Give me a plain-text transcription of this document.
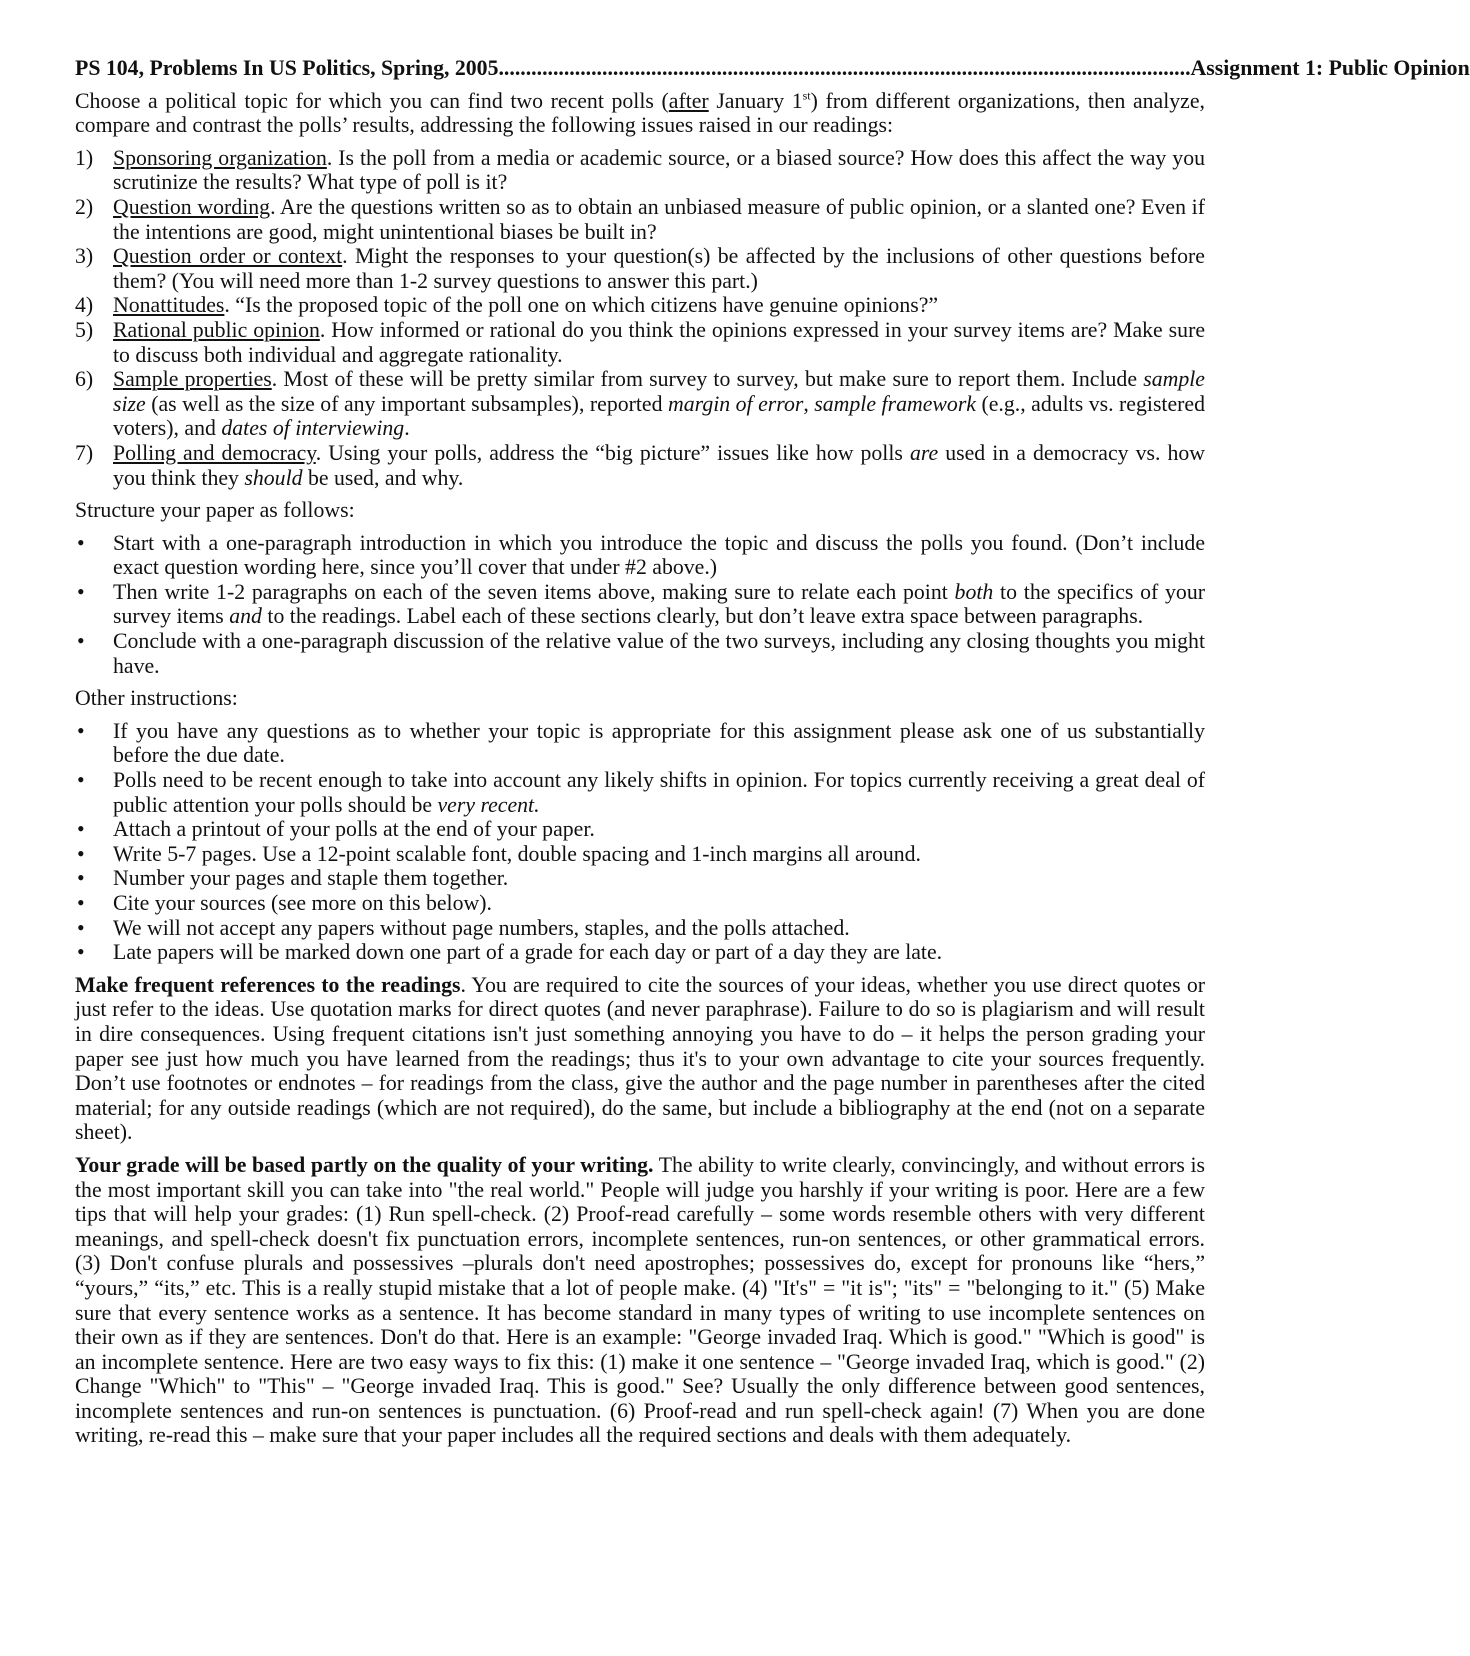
PS 104, Problems In US Politics, Spring, 2005 ............................................................................................................................... Assignment 1: Public Opinion

Choose a political topic for which you can find two recent polls (after January 1st) from different organizations, then analyze, compare and contrast the polls’ results, addressing the following issues raised in our readings:

1) Sponsoring organization. Is the poll from a media or academic source, or a biased source? How does this affect the way you scrutinize the results? What type of poll is it?
2) Question wording. Are the questions written so as to obtain an unbiased measure of public opinion, or a slanted one? Even if the intentions are good, might unintentional biases be built in?
3) Question order or context. Might the responses to your question(s) be affected by the inclusions of other questions before them? (You will need more than 1-2 survey questions to answer this part.)
4) Nonattitudes. “Is the proposed topic of the poll one on which citizens have genuine opinions?”
5) Rational public opinion. How informed or rational do you think the opinions expressed in your survey items are? Make sure to discuss both individual and aggregate rationality.
6) Sample properties. Most of these will be pretty similar from survey to survey, but make sure to report them. Include sample size (as well as the size of any important subsamples), reported margin of error, sample framework (e.g., adults vs. registered voters), and dates of interviewing.
7) Polling and democracy. Using your polls, address the “big picture” issues like how polls are used in a democracy vs. how you think they should be used, and why.

Structure your paper as follows:

• Start with a one-paragraph introduction in which you introduce the topic and discuss the polls you found. (Don’t include exact question wording here, since you’ll cover that under #2 above.)
• Then write 1-2 paragraphs on each of the seven items above, making sure to relate each point both to the specifics of your survey items and to the readings. Label each of these sections clearly, but don’t leave extra space between paragraphs.
• Conclude with a one-paragraph discussion of the relative value of the two surveys, including any closing thoughts you might have.

Other instructions:

• If you have any questions as to whether your topic is appropriate for this assignment please ask one of us substantially before the due date.
• Polls need to be recent enough to take into account any likely shifts in opinion. For topics currently receiving a great deal of public attention your polls should be very recent.
• Attach a printout of your polls at the end of your paper.
• Write 5-7 pages. Use a 12-point scalable font, double spacing and 1-inch margins all around.
• Number your pages and staple them together.
• Cite your sources (see more on this below).
• We will not accept any papers without page numbers, staples, and the polls attached.
• Late papers will be marked down one part of a grade for each day or part of a day they are late.

Make frequent references to the readings. You are required to cite the sources of your ideas, whether you use direct quotes or just refer to the ideas. Use quotation marks for direct quotes (and never paraphrase). Failure to do so is plagiarism and will result in dire consequences. Using frequent citations isn't just something annoying you have to do – it helps the person grading your paper see just how much you have learned from the readings; thus it's to your own advantage to cite your sources frequently. Don’t use footnotes or endnotes – for readings from the class, give the author and the page number in parentheses after the cited material; for any outside readings (which are not required), do the same, but include a bibliography at the end (not on a separate sheet).

Your grade will be based partly on the quality of your writing. The ability to write clearly, convincingly, and without errors is the most important skill you can take into "the real world." People will judge you harshly if your writing is poor. Here are a few tips that will help your grades: (1) Run spell-check. (2) Proof-read carefully – some words resemble others with very different meanings, and spell-check doesn't fix punctuation errors, incomplete sentences, run-on sentences, or other grammatical errors. (3) Don't confuse plurals and possessives –plurals don't need apostrophes; possessives do, except for pronouns like “hers,” “yours,” “its,” etc. This is a really stupid mistake that a lot of people make. (4) "It's" = "it is"; "its" = "belonging to it." (5) Make sure that every sentence works as a sentence. It has become standard in many types of writing to use incomplete sentences on their own as if they are sentences. Don't do that. Here is an example: "George invaded Iraq. Which is good." "Which is good" is an incomplete sentence. Here are two easy ways to fix this: (1) make it one sentence – "George invaded Iraq, which is good." (2) Change "Which" to "This" – "George invaded Iraq. This is good." See? Usually the only difference between good sentences, incomplete sentences and run-on sentences is punctuation. (6) Proof-read and run spell-check again! (7) When you are done writing, re-read this – make sure that your paper includes all the required sections and deals with them adequately.
